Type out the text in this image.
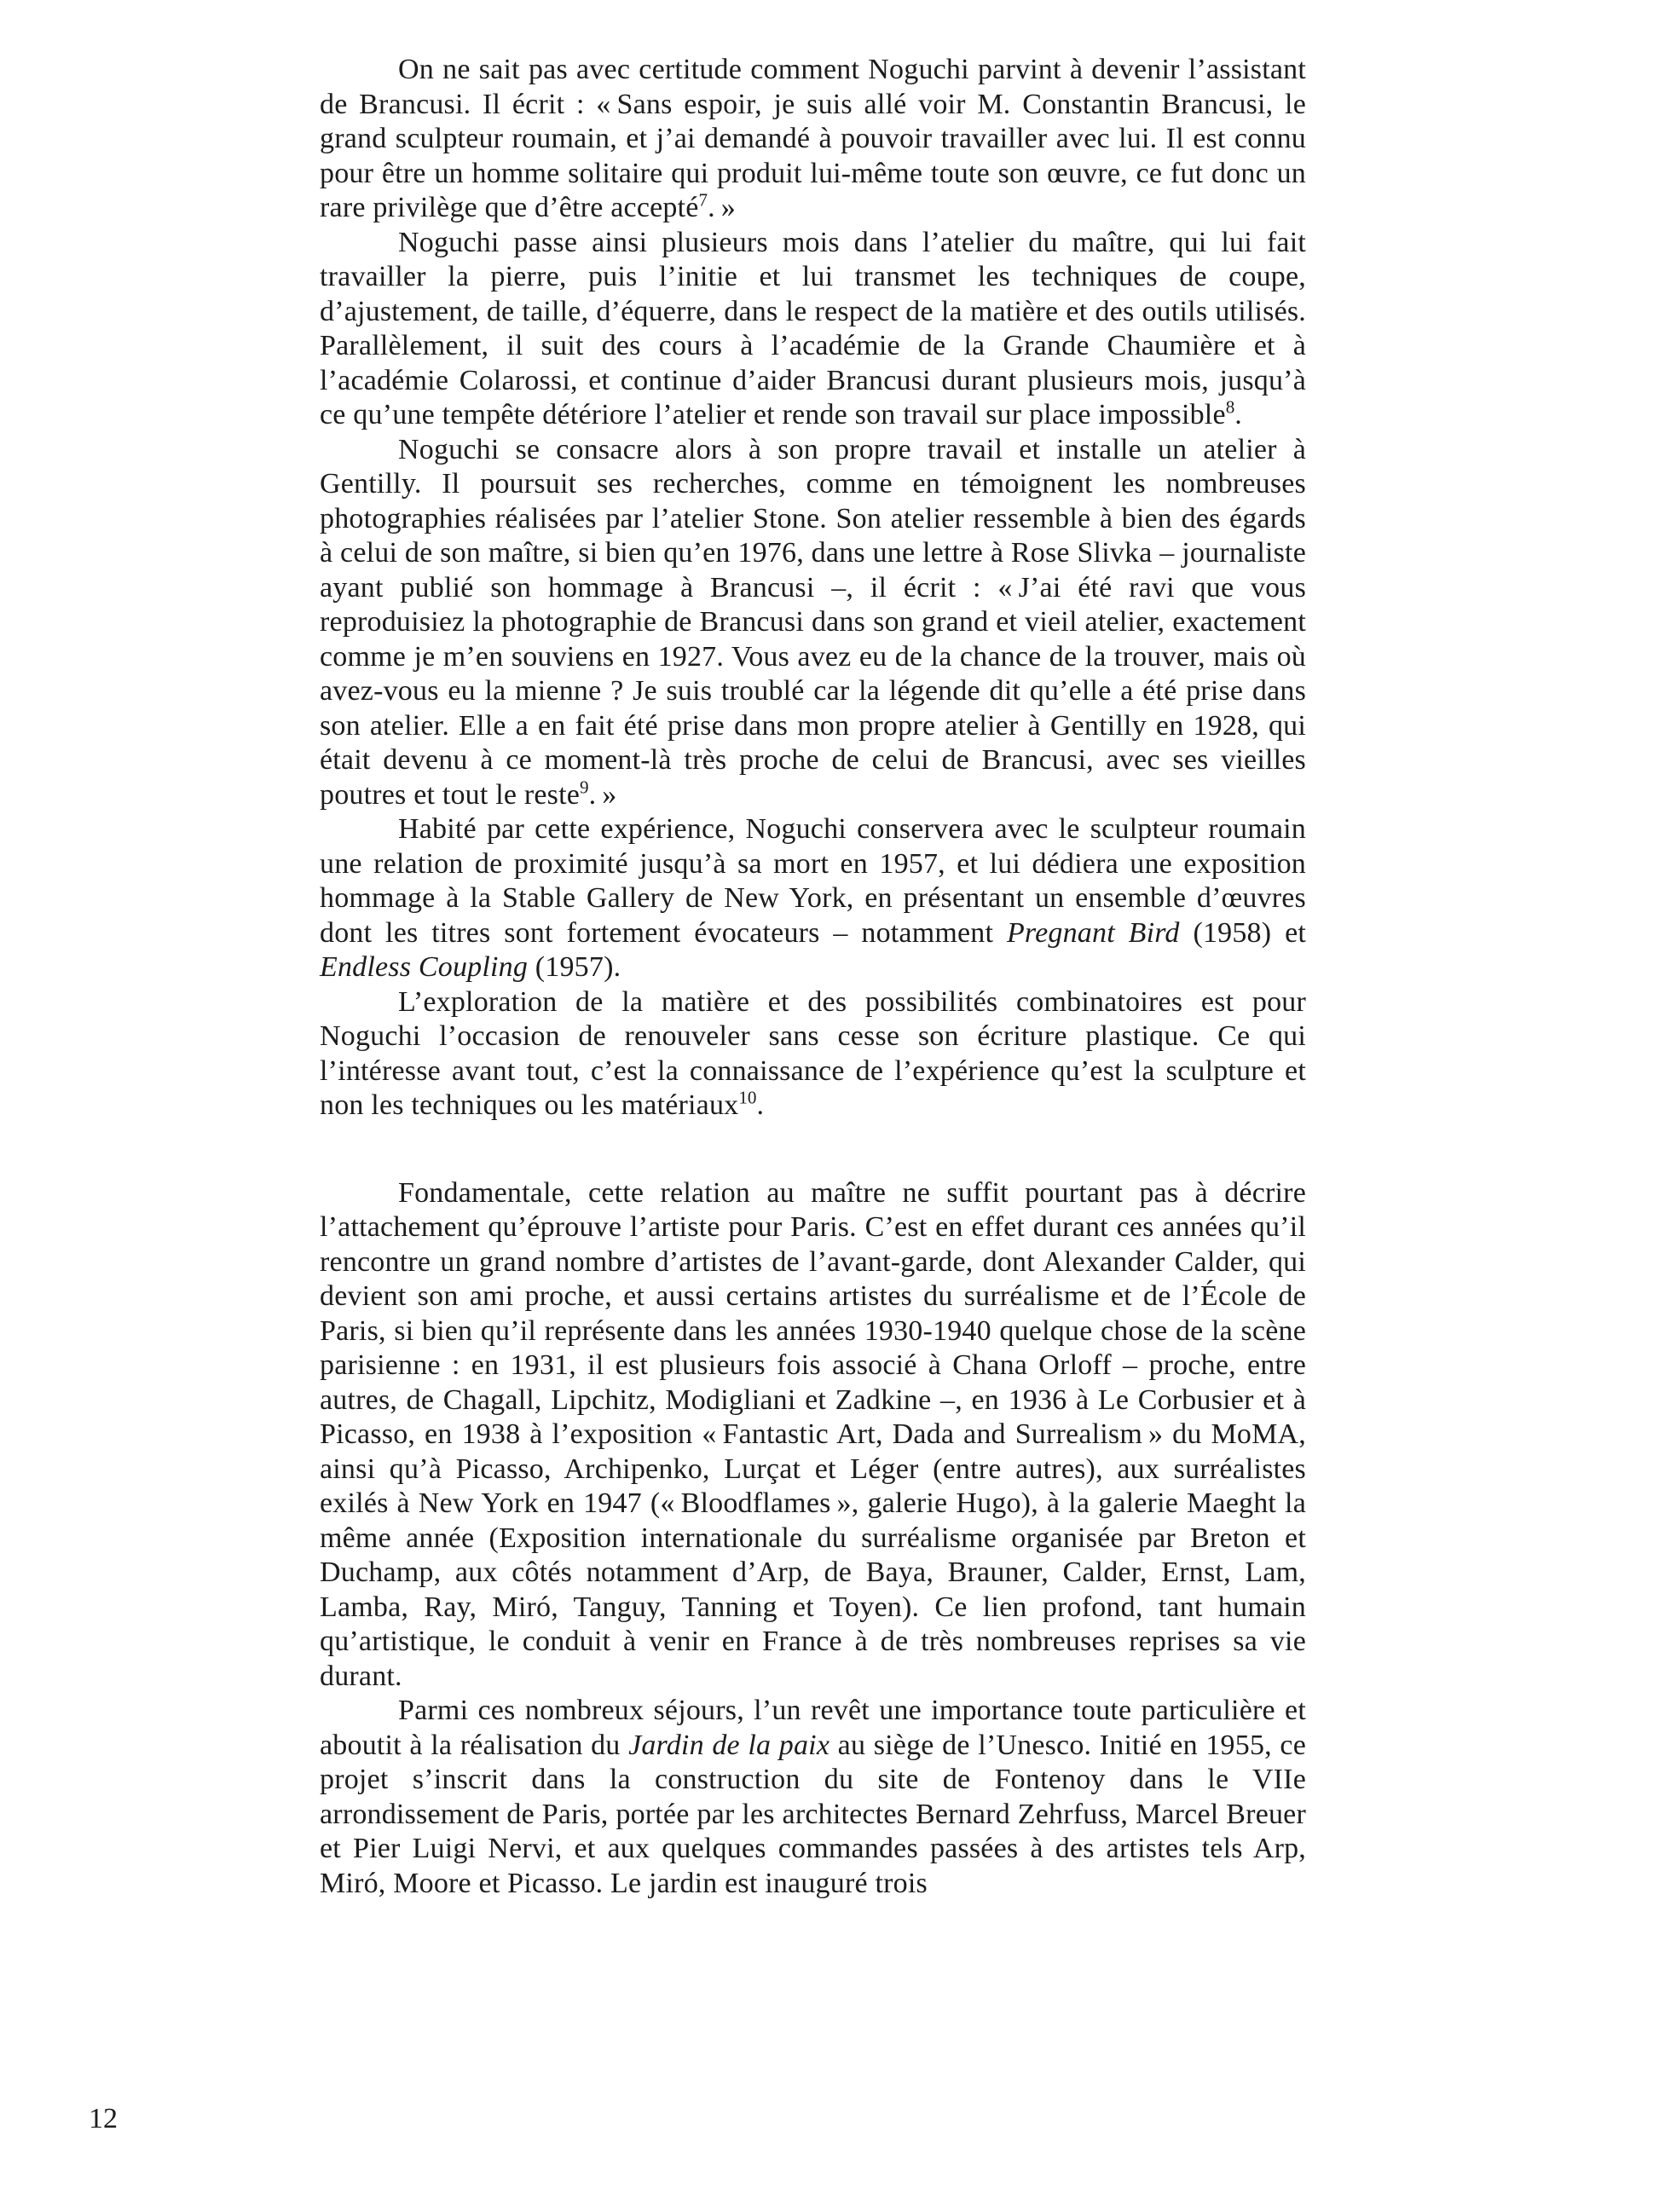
On ne sait pas avec certitude comment Noguchi parvint à devenir l’assistant de Brancusi. Il écrit : « Sans espoir, je suis allé voir M. Constantin Brancusi, le grand sculpteur roumain, et j’ai demandé à pouvoir travailler avec lui. Il est connu pour être un homme solitaire qui produit lui-même toute son œuvre, ce fut donc un rare privilège que d’être accepté$^7$. »

Noguchi passe ainsi plusieurs mois dans l’atelier du maître, qui lui fait travailler la pierre, puis l’initie et lui transmet les techniques de coupe, d’ajustement, de taille, d’équerre, dans le respect de la matière et des outils utilisés. Parallèlement, il suit des cours à l’académie de la Grande Chaumière et à l’académie Colarossi, et continue d’aider Brancusi durant plusieurs mois, jusqu’à ce qu’une tempête détériore l’atelier et rende son travail sur place impossible$^8$.

Noguchi se consacre alors à son propre travail et installe un atelier à Gentilly. Il poursuit ses recherches, comme en témoignent les nombreuses photographies réalisées par l’atelier Stone. Son atelier ressemble à bien des égards à celui de son maître, si bien qu’en 1976, dans une lettre à Rose Slivka – journaliste ayant publié son hommage à Brancusi –, il écrit : « J’ai été ravi que vous reproduisiez la photographie de Brancusi dans son grand et vieil atelier, exactement comme je m’en souviens en 1927. Vous avez eu de la chance de la trouver, mais où avez-vous eu la mienne ? Je suis troublé car la légende dit qu’elle a été prise dans son atelier. Elle a en fait été prise dans mon propre atelier à Gentilly en 1928, qui était devenu à ce moment-là très proche de celui de Brancusi, avec ses vieilles poutres et tout le reste$^9$. »

Habité par cette expérience, Noguchi conservera avec le sculpteur roumain une relation de proximité jusqu’à sa mort en 1957, et lui dédiera une exposition hommage à la Stable Gallery de New York, en présentant un ensemble d’œuvres dont les titres sont fortement évocateurs – notamment Pregnant Bird (1958) et Endless Coupling (1957).

L’exploration de la matière et des possibilités combinatoires est pour Noguchi l’occasion de renouveler sans cesse son écriture plastique. Ce qui l’intéresse avant tout, c’est la connaissance de l’expérience qu’est la sculpture et non les techniques ou les matériaux$^{10}$.

Fondamentale, cette relation au maître ne suffit pourtant pas à décrire l’attachement qu’éprouve l’artiste pour Paris. C’est en effet durant ces années qu’il rencontre un grand nombre d’artistes de l’avant-garde, dont Alexander Calder, qui devient son ami proche, et aussi certains artistes du surréalisme et de l’École de Paris, si bien qu’il représente dans les années 1930-1940 quelque chose de la scène parisienne : en 1931, il est plusieurs fois associé à Chana Orloff – proche, entre autres, de Chagall, Lipchitz, Modigliani et Zadkine –, en 1936 à Le Corbusier et à Picasso, en 1938 à l’exposition « Fantastic Art, Dada and Surrealism » du MoMA, ainsi qu’à Picasso, Archipenko, Lurçat et Léger (entre autres), aux surréalistes exilés à New York en 1947 (« Bloodflames », galerie Hugo), à la galerie Maeght la même année (Exposition internationale du surréalisme organisée par Breton et Duchamp, aux côtés notamment d’Arp, de Baya, Brauner, Calder, Ernst, Lam, Lamba, Ray, Miró, Tanguy, Tanning et Toyen). Ce lien profond, tant humain qu’artistique, le conduit à venir en France à de très nombreuses reprises sa vie durant.

Parmi ces nombreux séjours, l’un revêt une importance toute particulière et aboutit à la réalisation du Jardin de la paix au siège de l’Unesco. Initié en 1955, ce projet s’inscrit dans la construction du site de Fontenoy dans le VIIe arrondissement de Paris, portée par les architectes Bernard Zehrfuss, Marcel Breuer et Pier Luigi Nervi, et aux quelques commandes passées à des artistes tels Arp, Miró, Moore et Picasso. Le jardin est inauguré trois

12
